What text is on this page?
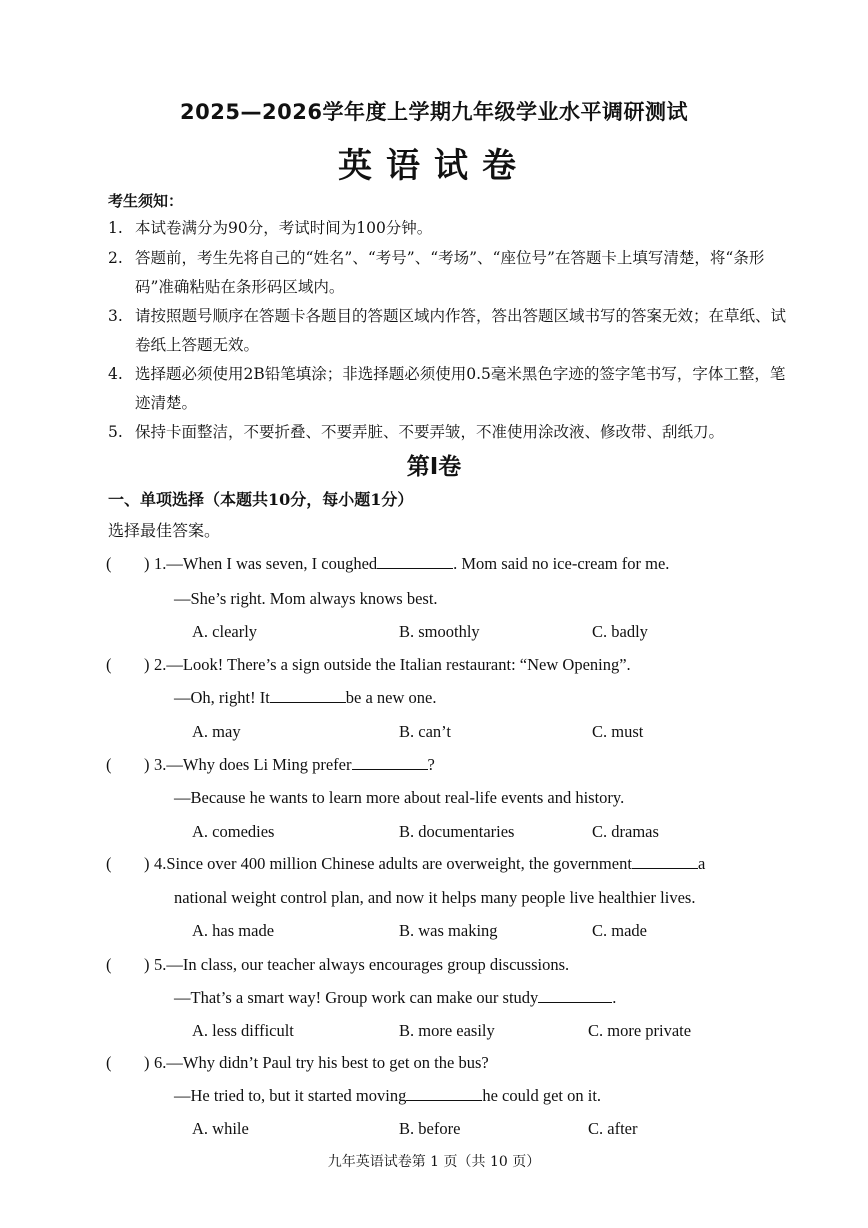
2025—2026学年度上学期九年级学业水平调研测试
英语试卷
考生须知：
1. 本试卷满分为90分，考试时间为100分钟。
2. 答题前，考生先将自己的“姓名”、“考号”、“考场”、“座位号”在答题卡上填写清楚，将“条形码”准确粘贴在条形码区域内。
3. 请按照题号顺序在答题卡各题目的答题区域内作答，答出答题区域书写的答案无效；在草纸、试卷纸上答题无效。
4. 选择题必须使用2B铅笔填涂；非选择题必须使用0.5毫米黑色字迹的签字笔书写，字体工整，笔迹清楚。
5. 保持卡面整洁，不要折叠、不要弄脏、不要弄皱，不准使用涂改液、修改带、刮纸刀。
第Ⅰ卷
一、单项选择（本题共10分，每小题1分）
选择最佳答案。
( ) 1.—When I was seven, I coughed	. Mom said no ice-cream for me.
—She’s right. Mom always knows best.
A. clearly	B. smoothly	C. badly
( ) 2.—Look! There’s a sign outside the Italian restaurant: “New Opening”.
—Oh, right! It	be a new one.
A. may	B. can’t	C. must
( ) 3.—Why does Li Ming prefer	?
—Because he wants to learn more about real-life events and history.
A. comedies	B. documentaries	C. dramas
( ) 4.Since over 400 million Chinese adults are overweight, the government	a
national weight control plan, and now it helps many people live healthier lives.
A. has made	B. was making	C. made
( ) 5.—In class, our teacher always encourages group discussions.
—That’s a smart way! Group work can make our study	.
A. less difficult	B. more easily	C. more private
( ) 6.—Why didn’t Paul try his best to get on the bus?
—He tried to, but it started moving	he could get on it.
A. while	B. before	C. after
九年英语试卷第 1 页（共 10 页）
